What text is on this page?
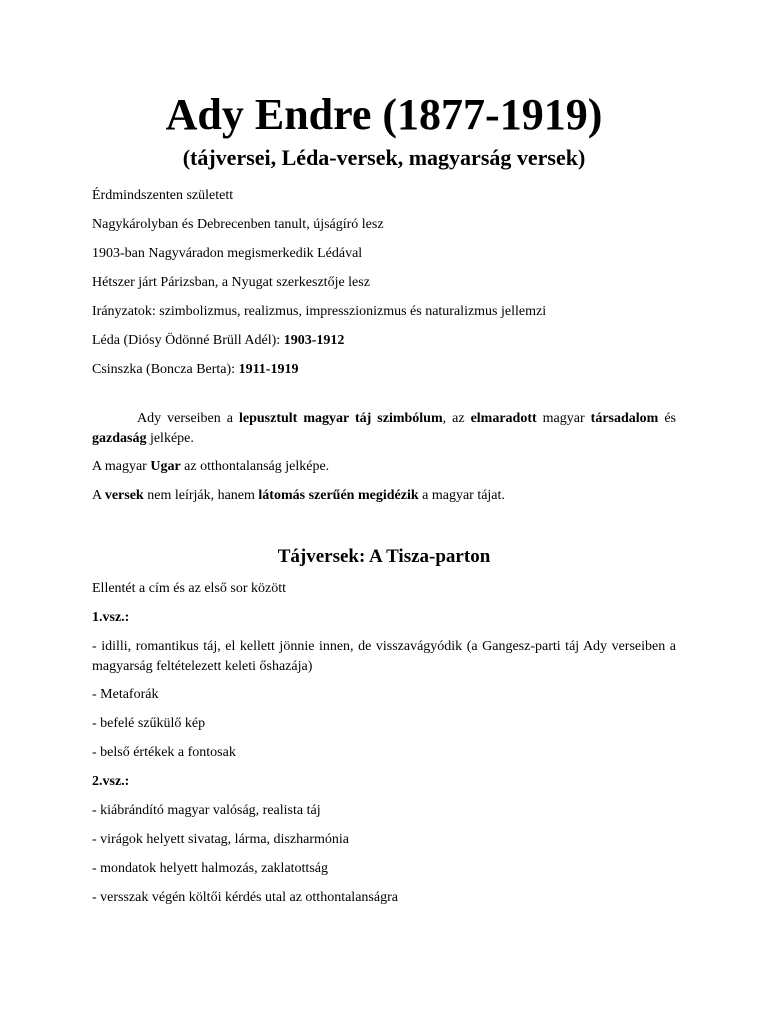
Ady Endre (1877-1919)
(tájversei, Léda-versek, magyarság versek)

Érdmindszenten született

Nagykárolyban és Debrecenben tanult, újságíró lesz

1903-ban Nagyváradon megismerkedik Lédával

Hétszer járt Párizsban, a Nyugat szerkesztője lesz

Irányzatok: szimbolizmus, realizmus, impresszionizmus és naturalizmus jellemzi

Léda (Diósy Ödönné Brüll Adél): 1903-1912

Csinszka (Boncza Berta): 1911-1919

Ady verseiben a lepusztult magyar táj szimbólum, az elmaradott magyar társadalom és gazdaság jelképe.

A magyar Ugar az otthontalanság jelképe.

A versek nem leírják, hanem látomás szerűén megidézik a magyar tájat.

Tájversek: A Tisza-parton

Ellentét a cím és az első sor között

1.vsz.:

- idilli, romantikus táj, el kellett jönnie innen, de visszavágyódik (a Gangesz-parti táj Ady verseiben a magyarság feltételezett keleti őshazája)

- Metaforák

- befelé szűkülő kép

- belső értékek a fontosak

2.vsz.:

- kiábrándító magyar valóság, realista táj

- virágok helyett sivatag, lárma, diszharmónia

- mondatok helyett halmozás, zaklatottság

- versszak végén költői kérdés utal az otthontalanságra
